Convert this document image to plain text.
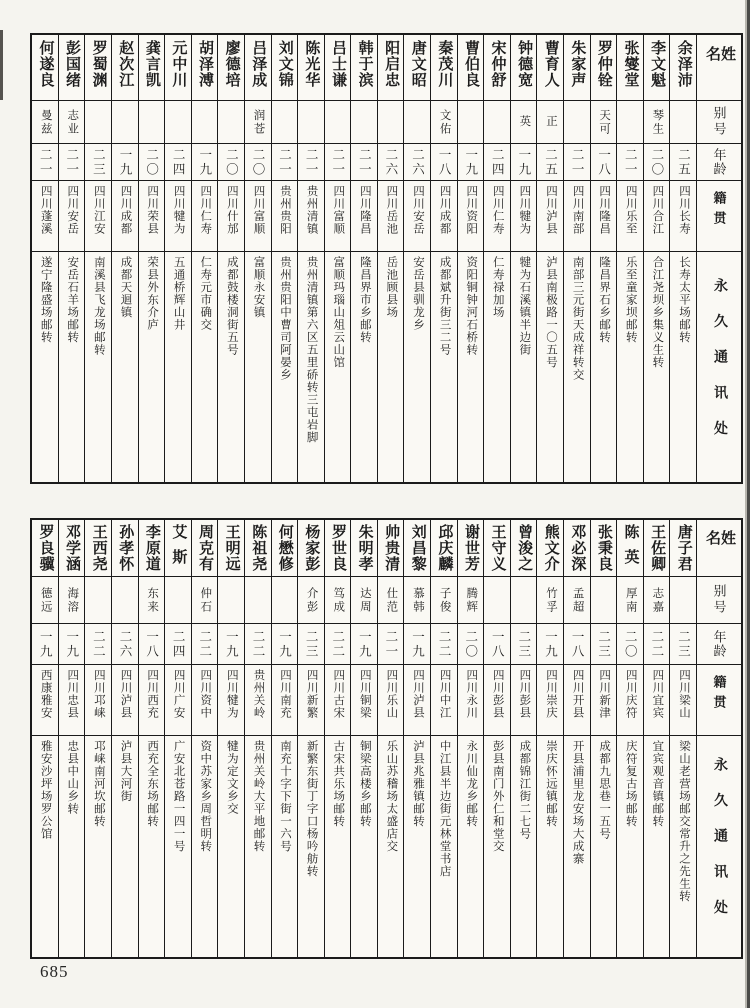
姓名
别号
年龄
籍贯
永久通讯处
余泽沛
二五
四川长寿
长寿太平场邮转
李文魁
琴生
二〇
四川合江
合江尧坝乡集义生转
张燮堂
二一
四川乐至
乐至童家坝邮转
罗仲铨
天可
一八
四川隆昌
隆昌界石乡邮转
朱家声
二一
四川南部
南部三元街天成祥转交
曹育人
正
二五
四川泸县
泸县南极路一〇五号
钟德宽
英
一九
四川犍为
犍为石溪镇半边街
宋仲舒
二四
四川仁寿
仁寿禄加场
曹伯良
一九
四川资阳
资阳铜钟河石桥转
秦茂川
文佑
一八
四川成都
成都斌升街三二号
唐文昭
二六
四川安岳
安岳县驯龙乡
阳启忠
二六
四川岳池
岳池顾县场
韩于滨
二一
四川隆昌
隆昌界市乡邮转
吕士谦
二一
四川富顺
富顺玛瑙山俎云山馆
陈光华
二一
贵州清镇
贵州清镇第六区五里硚转三屯岩脚
刘文锦
二一
贵州贵阳
贵州贵阳中曹司阿晏乡
吕泽成
润苍
二〇
四川富顺
富顺永安镇
廖德培
二〇
四川什邡
成都鼓楼洞街五号
胡泽溥
一九
四川仁寿
仁寿元市确交
元中川
二四
四川犍为
五通桥辉山井
龚言凯
二〇
四川荣县
荣县外东介庐
赵次江
一九
四川成都
成都天迴镇
罗蜀渊
二三
四川江安
南溪县飞龙场邮转
彭国绪
志业
二一
四川安岳
安岳石羊场邮转
何遂良
曼兹
二一
四川蓬溪
遂宁隆盛场邮转
姓名
别号
年龄
籍贯
永久通讯处
唐子君
二三
四川梁山
梁山老营场邮交常升之先生转
王佐卿
志嘉
二二
四川宜宾
宜宾观音镇邮转
陈英
厚南
二〇
四川庆符
庆符复古场邮转
张秉良
二三
四川新津
成都九思巷一五号
邓必深
孟超
一八
四川开县
开县浦里龙安场大成寨
熊文介
竹孚
一九
四川崇庆
崇庆怀远镇邮转
曾浚之
二三
四川彭县
成都锦江街二七号
王守义
一八
四川彭县
彭县南门外仁和堂交
谢世芳
腾辉
二〇
四川永川
永川仙龙乡邮转
邱庆麟
子俊
二二
四川中江
中江县半边街元林堂书店
刘昌黎
慕韩
一九
四川泸县
泸县兆雅镇邮转
帅贵清
仕范
二一
四川乐山
乐山苏稽场太盛店交
朱明孝
达周
一九
四川铜梁
铜梁高楼乡邮转
罗世良
笃成
二二
四川古宋
古宋共乐场邮转
杨家彭
介彭
二三
四川新繁
新繁东街丁字口杨吟舫转
何懋修
一九
四川南充
南充十字下街一六号
陈祖尧
二二
贵州关岭
贵州关岭大平地邮转
王明远
一九
四川犍为
犍为定文乡交
周克有
仲石
二二
四川资中
资中苏家乡周哲明转
艾斯
二四
四川广安
广安北苍路一四一号
李原道
东来
一八
四川西充
西充全东场邮转
孙孝怀
二六
四川泸县
泸县大河街
王西尧
二二
四川邛崃
邛崃南河坎邮转
邓学涵
海溶
一九
四川忠县
忠县中山乡转
罗良骥
德远
一九
西康雅安
雅安沙坪场罗公馆
685
